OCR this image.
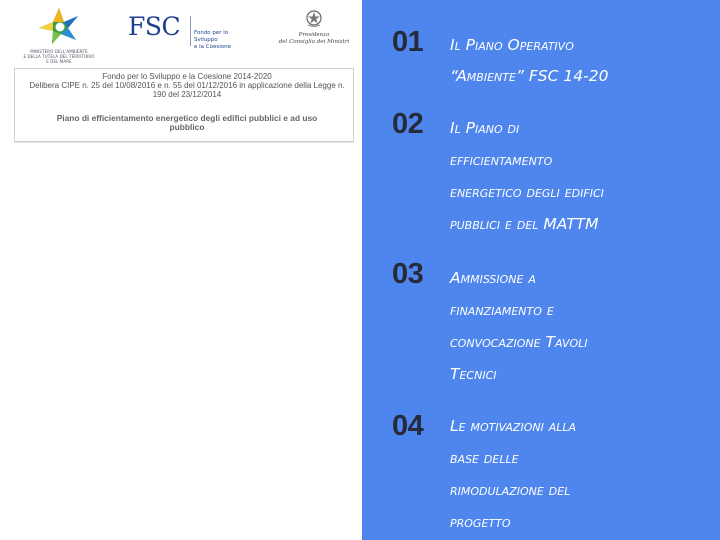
MINISTERO DELL'AMBIENTE
E DELLA TUTELA DEL TERRITORIO
E DEL MARE
FSC	Fondo per lo Sviluppo
e la Coesione
Presidenza
del Consiglio dei Ministri
Fondo per lo Sviluppo e la Coesione 2014-2020
Delibera CIPE n. 25 del 10/08/2016 e n. 55 del 01/12/2016 in applicazione della Legge n.
190 del 23/12/2014
Piano di efficientamento energetico degli edifici pubblici e ad uso
pubblico
01 Il Piano Operativo
“Ambiente” FSC 14-20
02 Il Piano di
efficientamento
energetico degli edifici
pubblici e del MATTM
03 Ammissione a
finanziamento e
convocazione Tavoli
Tecnici
04 Le motivazioni alla
base delle
rimodulazione del
progetto
